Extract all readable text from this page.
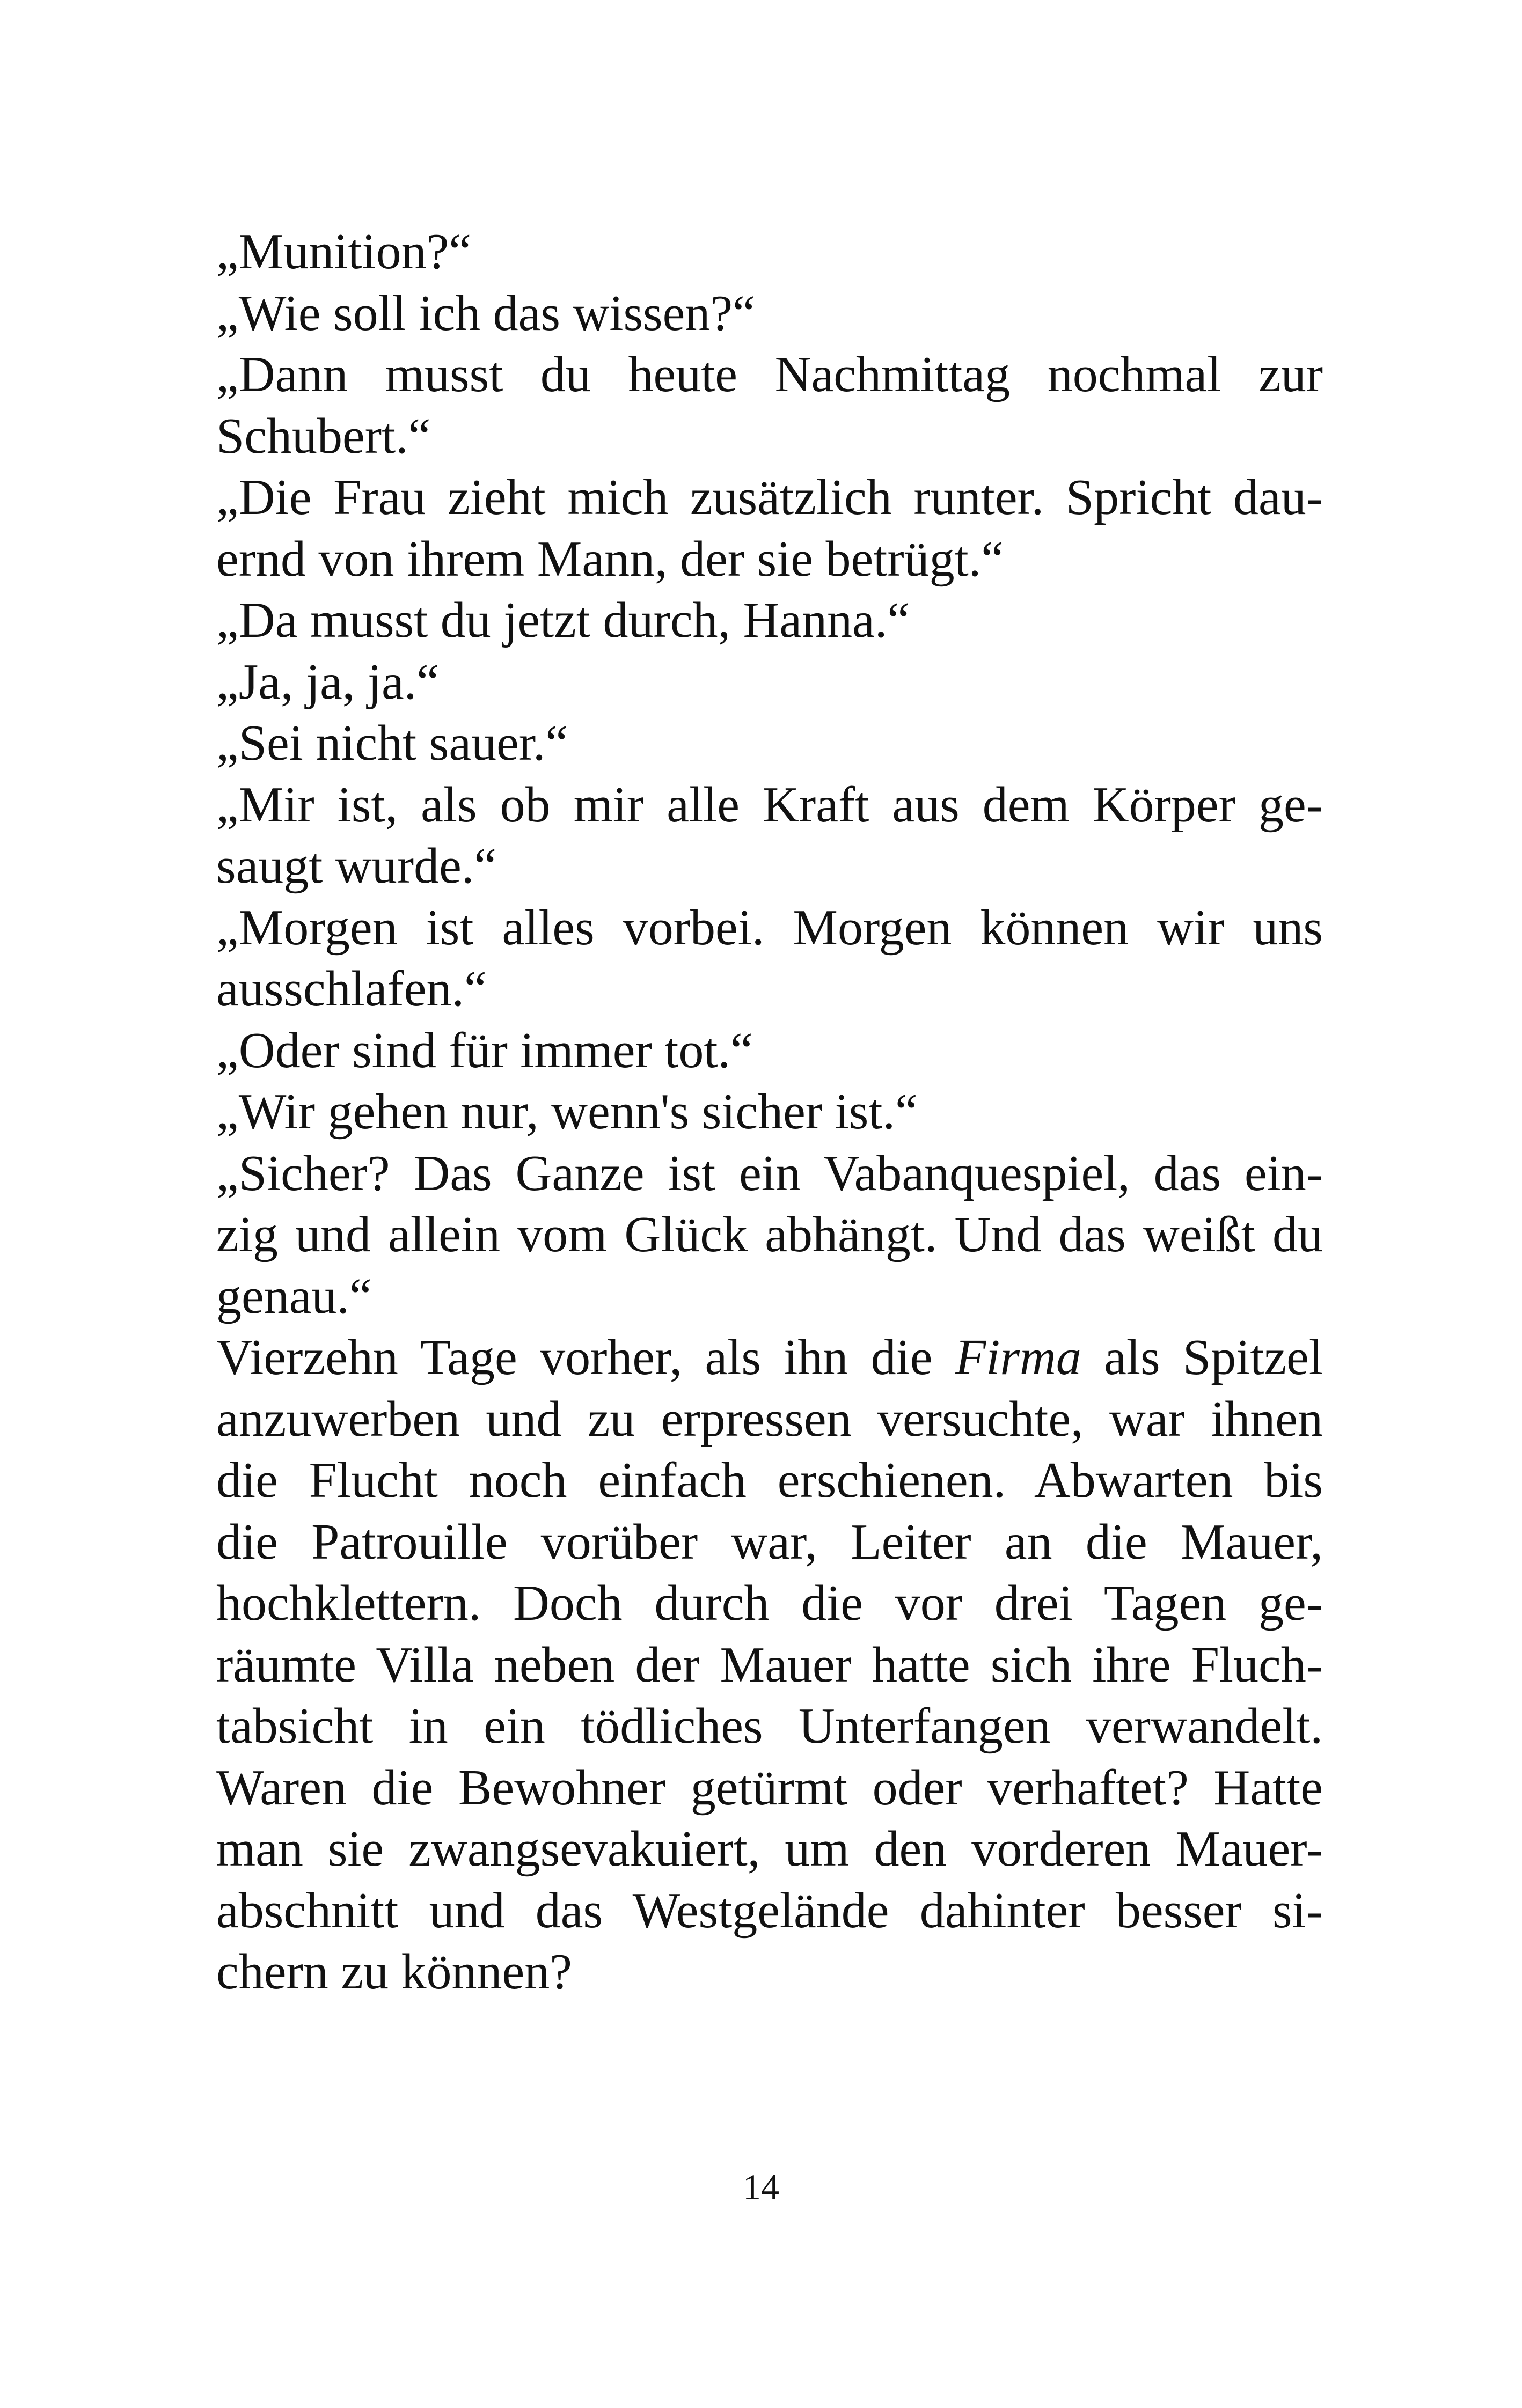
„Munition?“
„Wie soll ich das wissen?“
„Dann musst du heute Nachmittag nochmal zur
Schubert.“
„Die Frau zieht mich zusätzlich runter. Spricht dau-
ernd von ihrem Mann, der sie betrügt.“
„Da musst du jetzt durch, Hanna.“
„Ja, ja, ja.“
„Sei nicht sauer.“
„Mir ist, als ob mir alle Kraft aus dem Körper ge-
saugt wurde.“
„Morgen ist alles vorbei. Morgen können wir uns
ausschlafen.“
„Oder sind für immer tot.“
„Wir gehen nur, wenn's sicher ist.“
„Sicher? Das Ganze ist ein Vabanquespiel, das ein-
zig und allein vom Glück abhängt. Und das weißt du
genau.“
Vierzehn Tage vorher, als ihn die Firma als Spitzel
anzuwerben und zu erpressen versuchte, war ihnen
die Flucht noch einfach erschienen. Abwarten bis
die Patrouille vorüber war, Leiter an die Mauer,
hochklettern. Doch durch die vor drei Tagen ge-
räumte Villa neben der Mauer hatte sich ihre Fluch-
tabsicht in ein tödliches Unterfangen verwandelt.
Waren die Bewohner getürmt oder verhaftet? Hatte
man sie zwangsevakuiert, um den vorderen Mauer-
abschnitt und das Westgelände dahinter besser si-
chern zu können?
14
